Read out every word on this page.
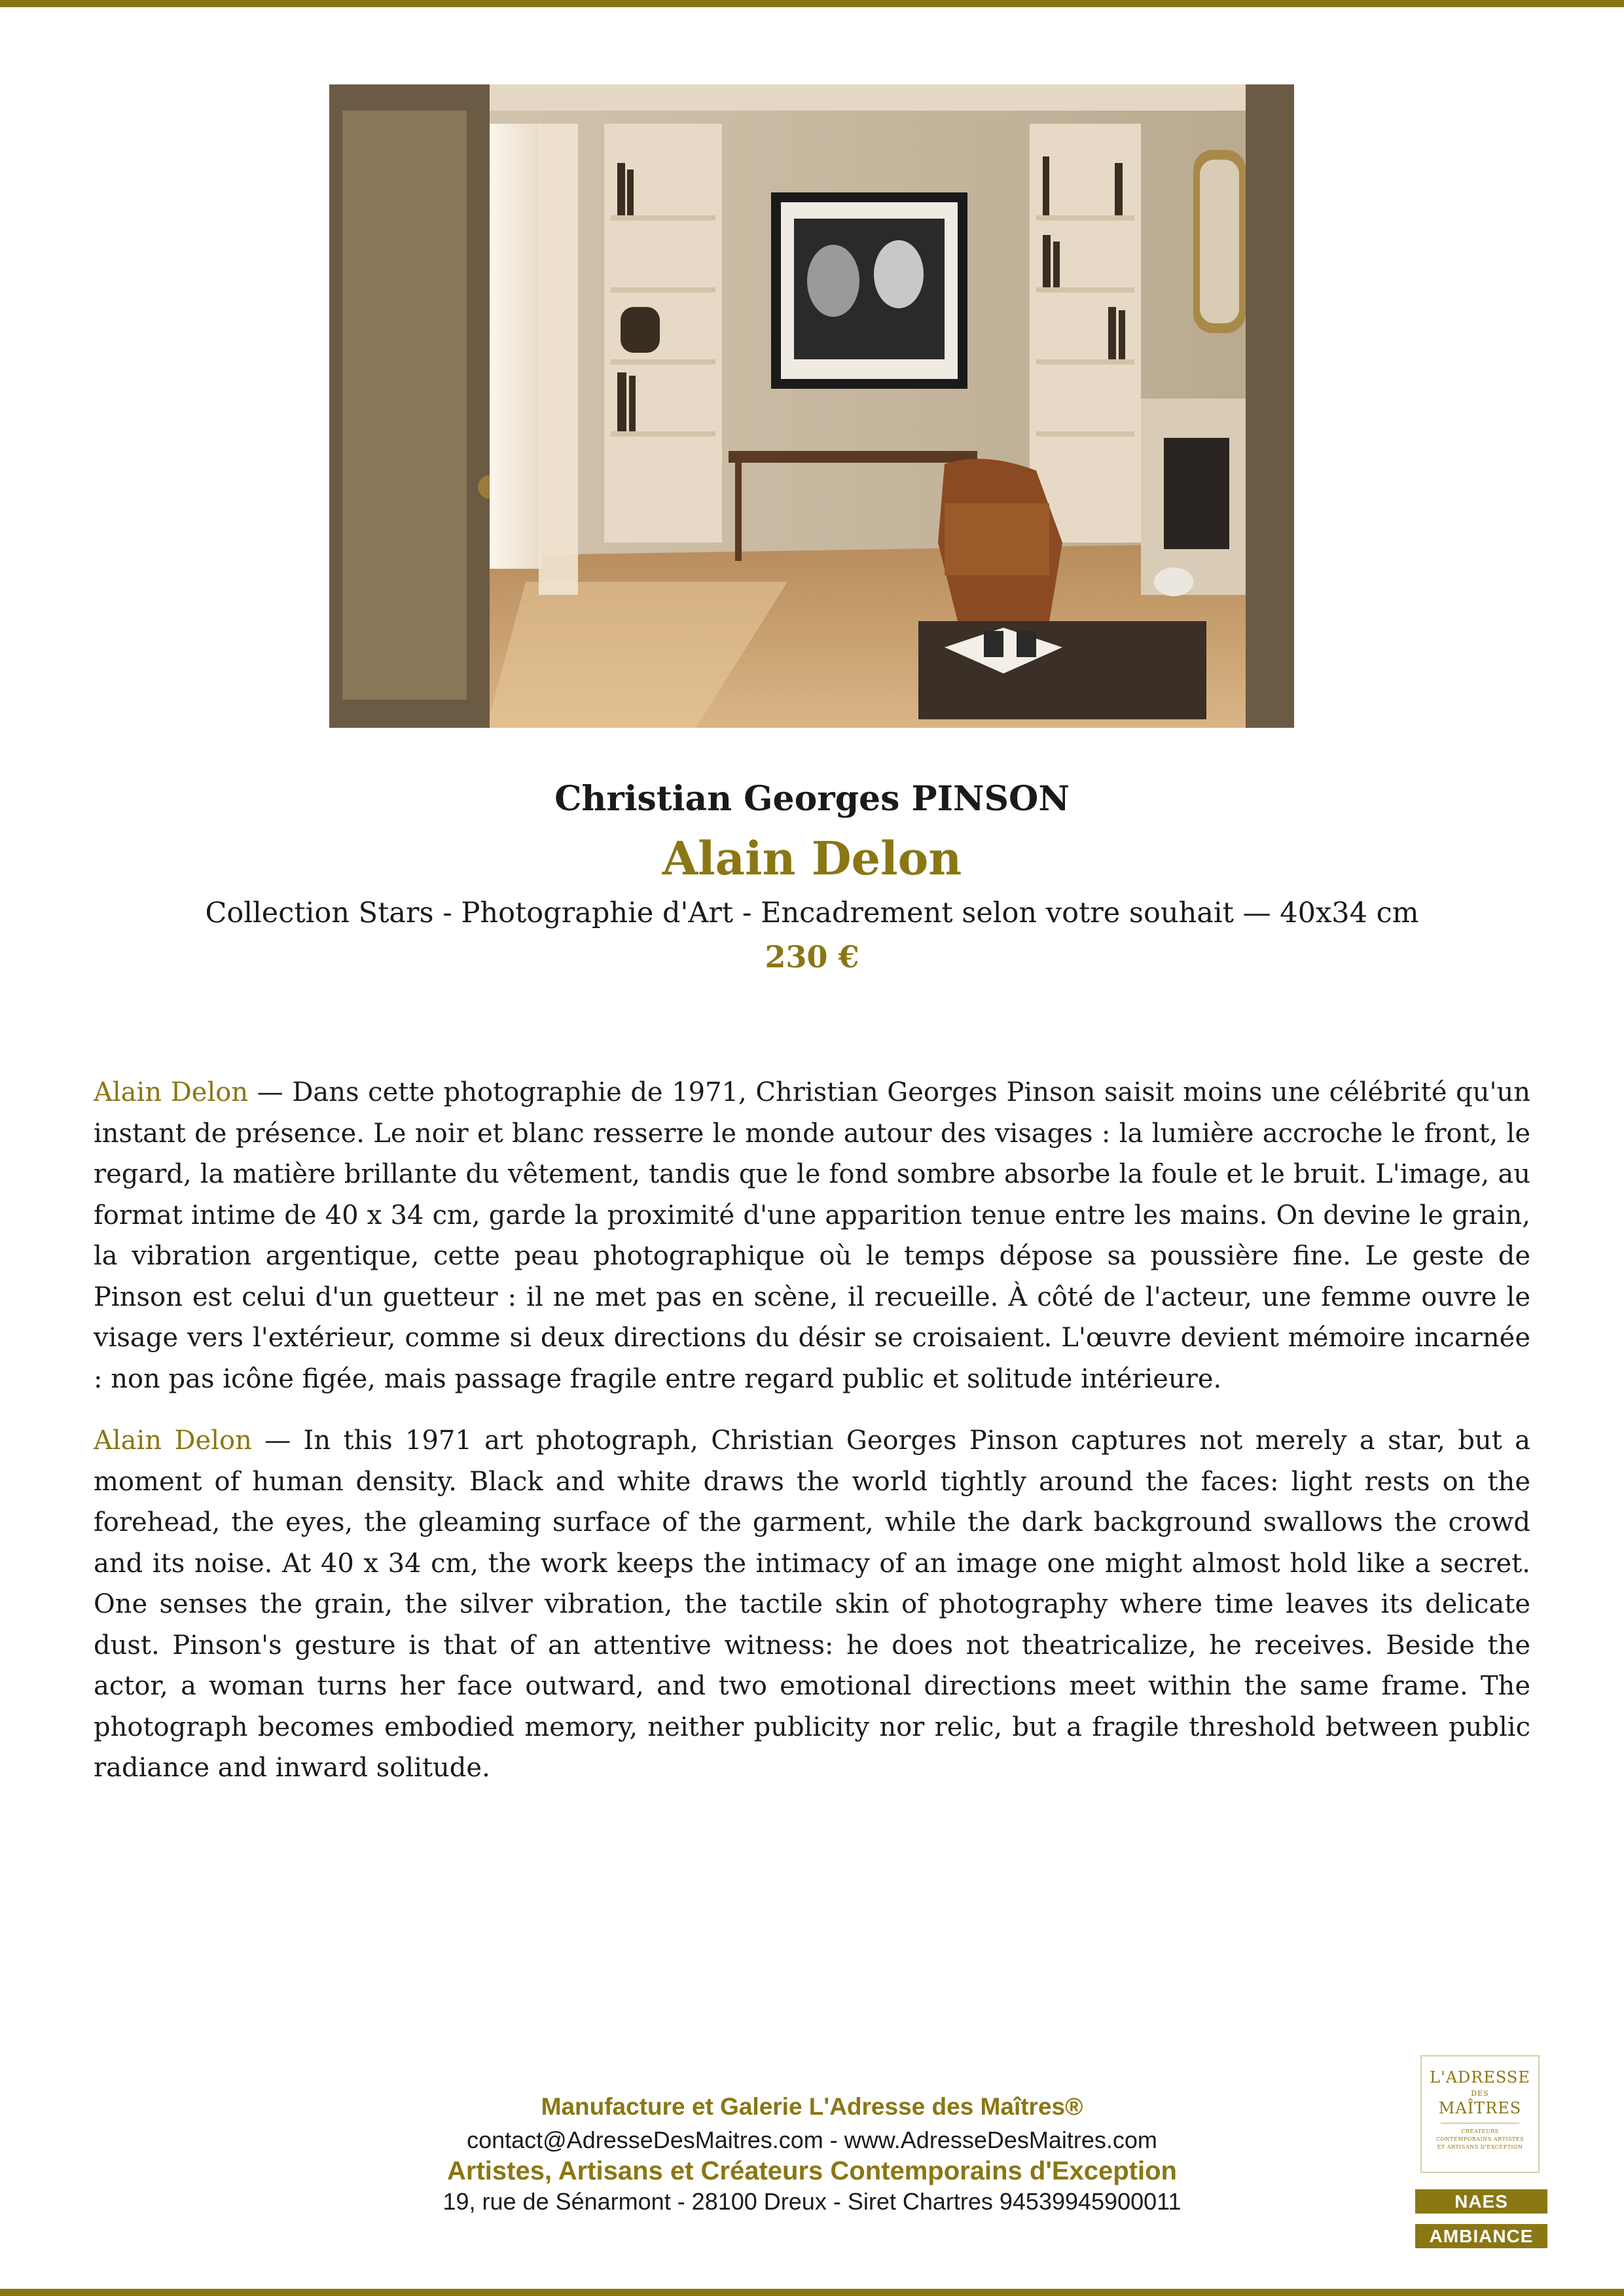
Christian Georges PINSON
Alain Delon
Collection Stars - Photographie d'Art - Encadrement selon votre souhait — 40x34 cm
230 €
Alain Delon — Dans cette photographie de 1971, Christian Georges Pinson saisit moins une célébrité qu'un instant de présence. Le noir et blanc resserre le monde autour des visages : la lumière accroche le front, le regard, la matière brillante du vêtement, tandis que le fond sombre absorbe la foule et le bruit. L'image, au format intime de 40 x 34 cm, garde la proximité d'une apparition tenue entre les mains. On devine le grain, la vibration argentique, cette peau photographique où le temps dépose sa poussière fine. Le geste de Pinson est celui d'un guetteur : il ne met pas en scène, il recueille. À côté de l'acteur, une femme ouvre le visage vers l'extérieur, comme si deux directions du désir se croisaient. L'œuvre devient mémoire incarnée : non pas icône figée, mais passage fragile entre regard public et solitude intérieure.
Alain Delon — In this 1971 art photograph, Christian Georges Pinson captures not merely a star, but a moment of human density. Black and white draws the world tightly around the faces: light rests on the forehead, the eyes, the gleaming surface of the garment, while the dark background swallows the crowd and its noise. At 40 x 34 cm, the work keeps the intimacy of an image one might almost hold like a secret. One senses the grain, the silver vibration, the tactile skin of photography where time leaves its delicate dust. Pinson's gesture is that of an attentive witness: he does not theatricalize, he receives. Beside the actor, a woman turns her face outward, and two emotional directions meet within the same frame. The photograph becomes embodied memory, neither publicity nor relic, but a fragile threshold between public radiance and inward solitude.
Manufacture et Galerie L'Adresse des Maîtres®
contact@AdresseDesMaitres.com - www.AdresseDesMaitres.com
Artistes, Artisans et Créateurs Contemporains d'Exception
19, rue de Sénarmont - 28100 Dreux - Siret Chartres 94539945900011
L'ADRESSE
DES
MAÎTRES
CRÉATEURS CONTEMPORAINS ARTISTES ET ARTISANS D'EXCEPTION
NAES
AMBIANCE
